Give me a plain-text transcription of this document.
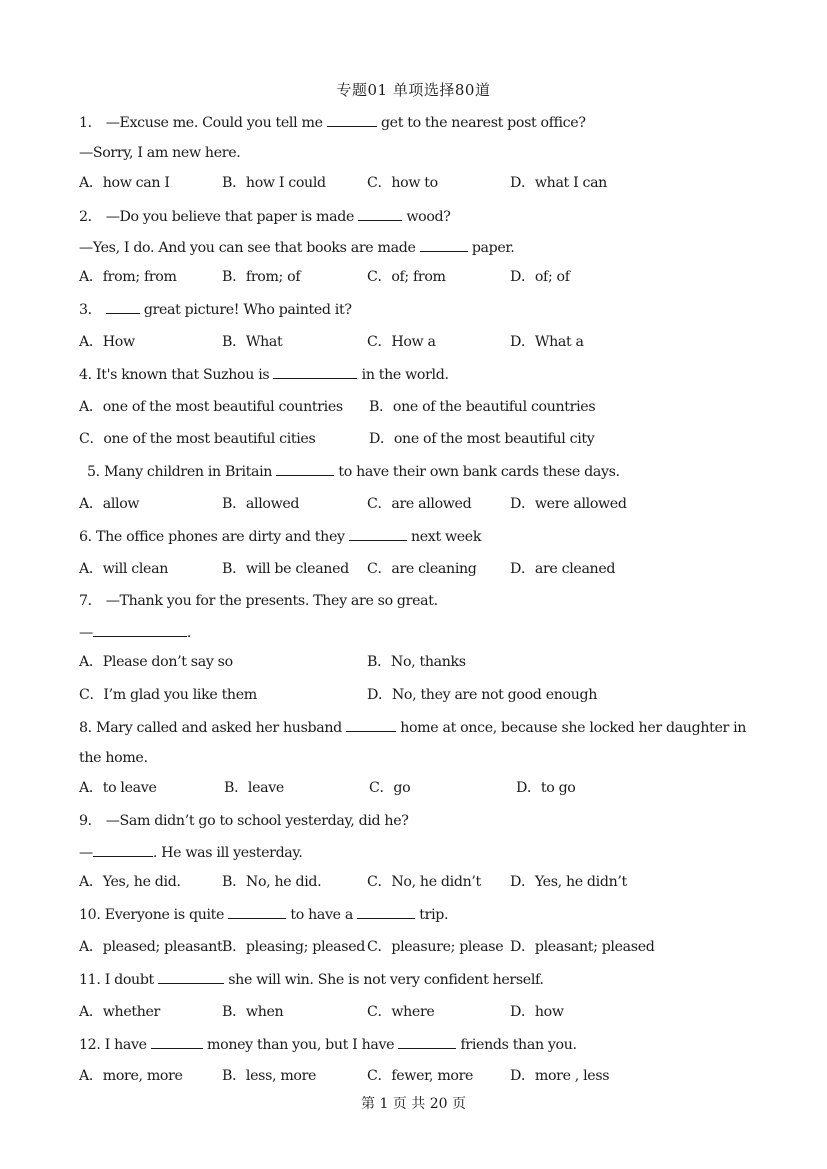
专题01 单项选择80道
1． —Excuse me. Could you tell me	get to the nearest post office?
—Sorry, I am new here.
A．how can I	B．how I could	C．how to	D．what I can
2． —Do you believe that paper is made	wood?
—Yes, I do. And you can see that books are made	paper.
A．from; from	B．from; of	C．of; from	D．of; of
3．	great picture! Who painted it?
A．How	B．What	C．How a	D．What a
4. It's known that Suzhou is	in the world.
A．one of the most beautiful countries B．one of the beautiful countries
C．one of the most beautiful cities	D．one of the most beautiful city
5. Many children in Britain	to have their own bank cards these days.
A．allow	B．allowed	C．are allowed	D．were allowed
6. The office phones are dirty and they	next week
A．will clean	B．will be cleaned C．are cleaning D．are cleaned
7． —Thank you for the presents. They are so great.
—	.
A．Please don’t say so	B．No, thanks
C．I’m glad you like them	D．No, they are not good enough
8. Mary called and asked her husband	home at once, because she locked her daughter in
the home.
A．to leave	B．leave	C．go	D．to go
9． —Sam didn’t go to school yesterday, did he?
—	. He was ill yesterday.
A．Yes, he did.	B．No, he did.	C．No, he didn’t D．Yes, he didn’t
10. Everyone is quite	to have a	trip.
A．pleased; pleasant B．pleasing; pleased C．pleasure; please D．pleasant; pleased
11. I doubt	she will win. She is not very confident herself.
A．whether	B．when	C．where	D．how
12. I have	money than you, but I have	friends than you.
A．more, more	B．less, more	C．fewer, more	D．more , less
第 1 页 共 20 页
